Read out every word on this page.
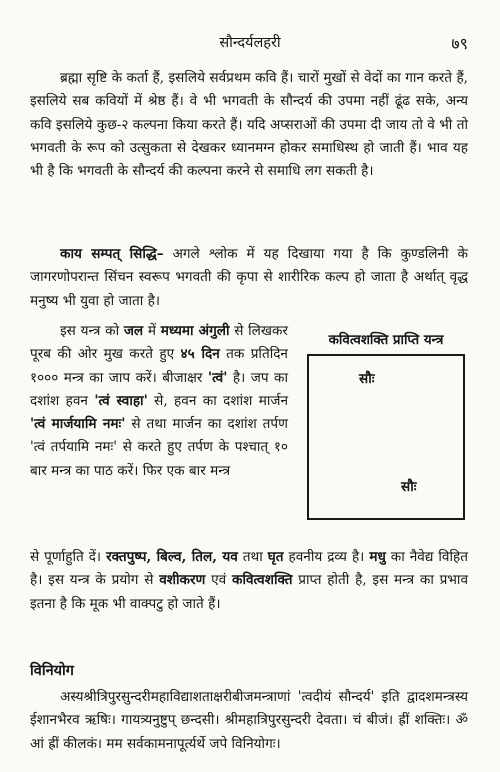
सौन्दर्यलहरी	७९

ब्रह्मा सृष्टि के कर्ता हैं, इसलिये सर्वप्रथम कवि हैं। चारों मुखों से वेदों का गान करते हैं, इसलिये सब कवियों में श्रेष्ठ हैं। वे भी भगवती के सौन्दर्य की उपमा नहीं ढूंढ सके, अन्य कवि इसलिये कुछ-२ कल्पना किया करते हैं। यदि अप्सराओं की उपमा दी जाय तो वे भी तो भगवती के रूप को उत्सुकता से देखकर ध्यानमग्न होकर समाधिस्थ हो जाती हैं। भाव यह भी है कि भगवती के सौन्दर्य की कल्पना करने से समाधि लग सकती है।

काय सम्पत् सिद्धि– अगले श्लोक में यह दिखाया गया है कि कुण्डलिनी के जागरणोपरान्त सिंचन स्वरूप भगवती की कृपा से शारीरिक कल्प हो जाता है अर्थात् वृद्ध मनुष्य भी युवा हो जाता है।

इस यन्त्र को जल में मध्यमा अंगुली से लिखकर पूरब की ओर मुख करते हुए ४५ दिन तक प्रतिदिन १००० मन्त्र का जाप करें। बीजाक्षर 'त्वं' है। जप का दशांश हवन 'त्वं स्वाहा' से, हवन का दशांश मार्जन 'त्वं मार्जयामि नमः' से तथा मार्जन का दशांश तर्पण 'त्वं तर्पयामि नमः' से करते हुए तर्पण के पश्चात् १० बार मन्त्र का पाठ करें। फिर एक बार मन्त्र

कवित्वशक्ति प्राप्ति यन्त्र
सौः
सौः

से पूर्णाहुति दें। रक्तपुष्प, बिल्व, तिल, यव तथा घृत हवनीय द्रव्य है। मधु का नैवेद्य विहित है। इस यन्त्र के प्रयोग से वशीकरण एवं कवित्वशक्ति प्राप्त होती है, इस मन्त्र का प्रभाव इतना है कि मूक भी वाक्पटु हो जाते हैं।

विनियोग

अस्यश्रीत्रिपुरसुन्दरीमहाविद्याशताक्षरीबीजमन्त्राणां 'त्वदीयं सौन्दर्य' इति द्वादशमन्त्रस्य ईशानभैरव ऋषिः। गायत्र्यनुष्टुप् छन्दसी। श्रीमहात्रिपुरसुन्दरी देवता। चं बीजं। ह्रीं शक्तिः। ॐ आं ह्रीं कीलकं। मम सर्वकामनापूर्त्यर्थे जपे विनियोगः।
